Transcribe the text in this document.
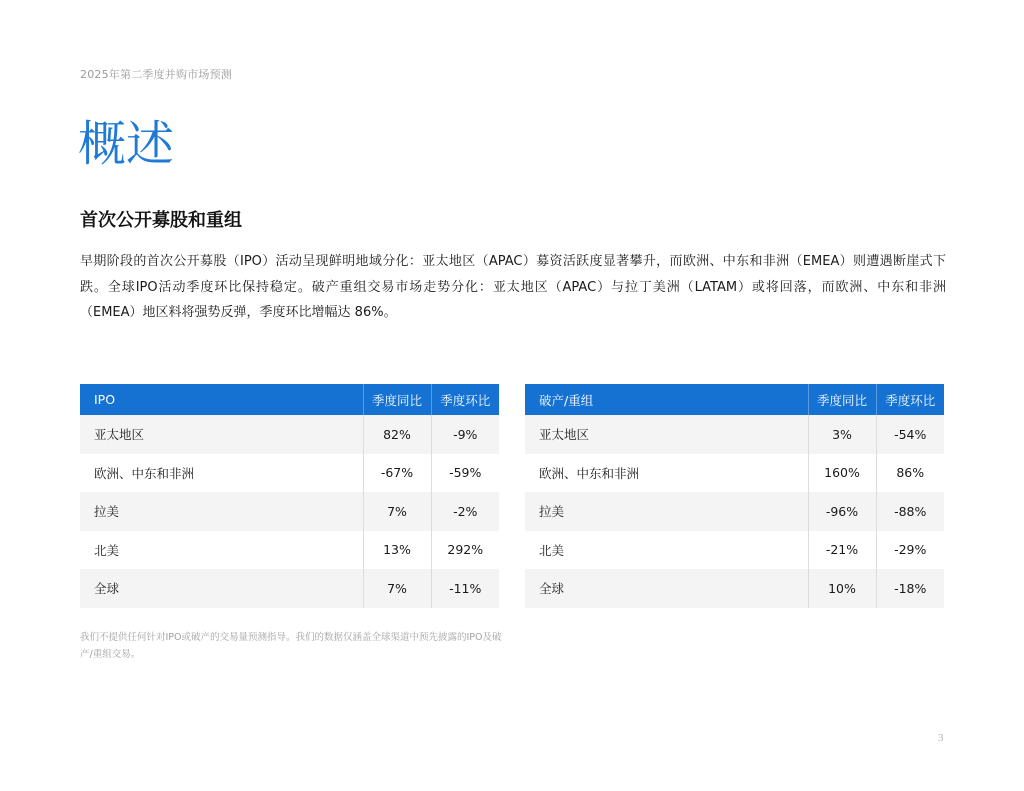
2025年第二季度并购市场预测
概述
首次公开募股和重组

早期阶段的首次公开募股（IPO）活动呈现鲜明地域分化：亚太地区（APAC）募资活跃度显著攀升，而欧洲、中东和非洲（EMEA）则遭遇断崖式下跌。全球IPO活动季度环比保持稳定。破产重组交易市场走势分化：亚太地区（APAC）与拉丁美洲（LATAM）或将回落，而欧洲、中东和非洲（EMEA）地区料将强势反弹，季度环比增幅达 86%。

IPO	季度同比	季度环比
亚太地区	82%	-9%
欧洲、中东和非洲	-67%	-59%
拉美	7%	-2%
北美	13%	292%
全球	7%	-11%
破产/重组	季度同比	季度环比
亚太地区	3%	-54%
欧洲、中东和非洲	160%	86%
拉美	-96%	-88%
北美	-21%	-29%
全球	10%	-18%

我们不提供任何针对IPO或破产的交易量预测指导。我们的数据仅涵盖全球渠道中预先披露的IPO及破产/重组交易。

3
